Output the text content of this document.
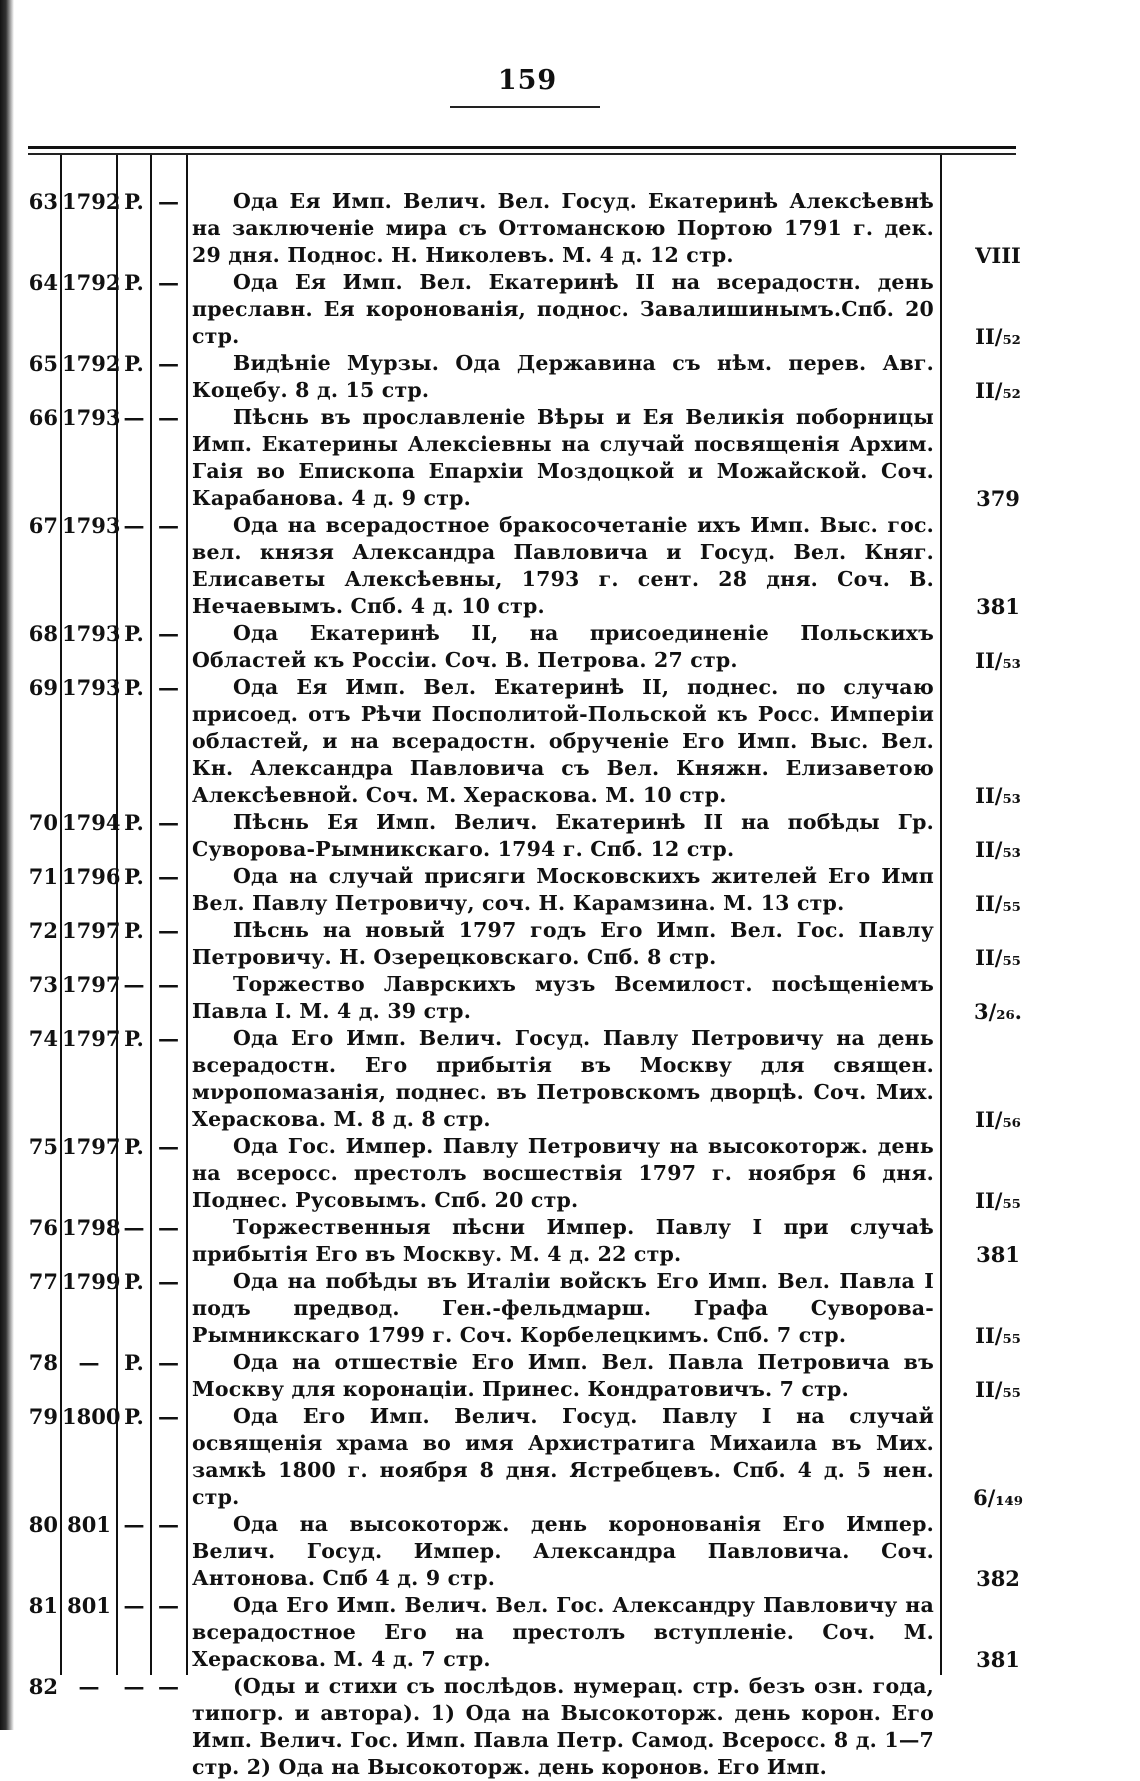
159
63 1792 P. —	Ода Ея Имп. Велич. Вел. Госуд. Екатеринѣ Алексѣевнѣ на заключеніе мира съ Оттоманскою Портою 1791 г. дек. 29 дня. Поднос. Н. Николевъ. М. 4 д. 12 стр.	VIII
64 1792 P. —	Ода Ея Имп. Вел. Екатеринѣ II на всерадостн. день преславн. Ея коронованія, поднос. Завалишинымъ.Спб. 20 стр.	II/₅₂
65 1792 P. —	Видѣніе Мурзы. Ода Державина съ нѣм. перев. Авг. Коцебу. 8 д. 15 стр.	II/₅₂
66 1793 — —	Пѣснь въ прославленіе Вѣры и Ея Великія поборницы Имп. Екатерины Алексіевны на случай посвященія Архим. Гаія во Епископа Епархіи Моздоцкой и Можайской. Соч. Карабанова. 4 д. 9 стр.	379
67 1793 — —	Ода на всерадостное бракосочетаніе ихъ Имп. Выс. гос. вел. князя Александра Павловича и Госуд. Вел. Княг. Елисаветы Алексѣевны, 1793 г. сент. 28 дня. Соч. В. Нечаевымъ. Спб. 4 д. 10 стр.	381
68 1793 P. —	Ода Екатеринѣ II, на присоединеніе Польскихъ Областей къ Россіи. Соч. В. Петрова. 27 стр.	II/₅₃
69 1793 P. —	Ода Ея Имп. Вел. Екатеринѣ II, поднес. по случаю присоед. отъ Рѣчи Посполитой-Польской къ Росс. Имперіи областей, и на всерадостн. обрученіе Его Имп. Выс. Вел. Кн. Александра Павловича съ Вел. Княжн. Елизаветою Алексѣевной. Соч. М. Хераскова. М. 10 стр.	II/₅₃
70 1794 P. —	Пѣснь Ея Имп. Велич. Екатеринѣ II на побѣды Гр. Суворова-Рымникскаго. 1794 г. Спб. 12 стр.	II/₅₃
71 1796 P. —	Ода на случай присяги Московскихъ жителей Его Имп Вел. Павлу Петровичу, соч. Н. Карамзина. М. 13 стр.	II/₅₅
72 1797 P. —	Пѣснь на новый 1797 годъ Его Имп. Вел. Гос. Павлу Петровичу. Н. Озерецковскаго. Спб. 8 стр.	II/₅₅
73 1797 — —	Торжество Лаврскихъ музъ Всемилост. посѣщеніемъ Павла I. М. 4 д. 39 стр.	3/₂₆.
74 1797 P. —	Ода Его Имп. Велич. Госуд. Павлу Петровичу на день всерадостн. Его прибытія въ Москву для священ. мνропомазанія, поднес. въ Петровскомъ дворцѣ. Соч. Мих. Хераскова. М. 8 д. 8 стр.	II/₅₆
75 1797 P. —	Ода Гос. Импер. Павлу Петровичу на высокоторж. день на всеросс. престолъ восшествія 1797 г. ноября 6 дня. Поднес. Русовымъ. Спб. 20 стр.	II/₅₅
76 1798 — —	Торжественныя пѣсни Импер. Павлу I при случаѣ прибытія Его въ Москву. М. 4 д. 22 стр.	381
77 1799 P. —	Ода на побѣды въ Италіи войскъ Его Имп. Вел. Павла I подъ предвод. Ген.-фельдмарш. Графа Суворова-Рымникскаго 1799 г. Соч. Корбелецкимъ. Спб. 7 стр.	II/₅₅
78 —	P. —	Ода на отшествіе Его Имп. Вел. Павла Петровича въ Москву для коронаціи. Принес. Кондратовичъ. 7 стр.	II/₅₅
79 1800 P. —	Ода Его Имп. Велич. Госуд. Павлу I на случай освященія храма во имя Архистратига Михаила въ Мих. замкѣ 1800 г. ноября 8 дня. Ястребцевъ. Спб. 4 д. 5 нен. стр.	6/₁₄₉
80 801 — —	Ода на высокоторж. день коронованія Его Импер. Велич. Госуд. Импер. Александра Павловича. Соч. Антонова. Спб 4 д. 9 стр.	382
81 801 — —	Ода Его Имп. Велич. Вел. Гос. Александру Павловичу на всерадостное Его на престолъ вступленіе. Соч. М. Хераскова. М. 4 д. 7 стр.	381
82 —	— —	(Оды и стихи съ послѣдов. нумерац. стр. безъ озн. года, типогр. и автора). 1) Ода на Высокоторж. день корон. Его Имп. Велич. Гос. Имп. Павла Петр. Самод. Всеросс. 8 д. 1—7 стр. 2) Ода на Высокоторж. день коронов. Его Имп.
